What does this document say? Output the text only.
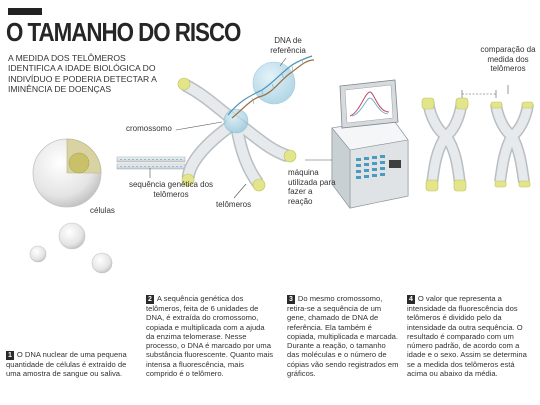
O TAMANHO DO RISCO
A MEDIDA DOS TELÔMEROS IDENTIFICA A IDADE BIOLÓGICA DO INDIVÍDUO E PODERIA DETECTAR A IMINÊNCIA DE DOENÇAS
cromossomo
DNA de referência
sequência genética dos telômeros
células
telômeros
máquina utilizada para fazer a reação
comparação da medida dos telômeros
1 O DNA nuclear de uma pequena quantidade de células é extraído de uma amostra de sangue ou saliva.
2 A sequência genética dos telômeros, feita de 6 unidades de DNA, é extraída do cromossomo, copiada e multiplicada com a ajuda da enzima telomerase. Nesse processo, o DNA é marcado por uma substância fluorescente. Quanto mais intensa a fluorescência, mais comprido é o telômero.
3 Do mesmo cromossomo, retira-se a sequência de um gene, chamado de DNA de referência. Ela também é copiada, multiplicada e marcada. Durante a reação, o tamanho das moléculas e o número de cópias vão sendo registrados em gráficos.
4 O valor que representa a intensidade da fluorescência dos telômeros é dividido pelo da intensidade da outra sequência. O resultado é comparado com um número padrão, de acordo com a idade e o sexo. Assim se determina se a medida dos telômeros está acima ou abaixo da média.
